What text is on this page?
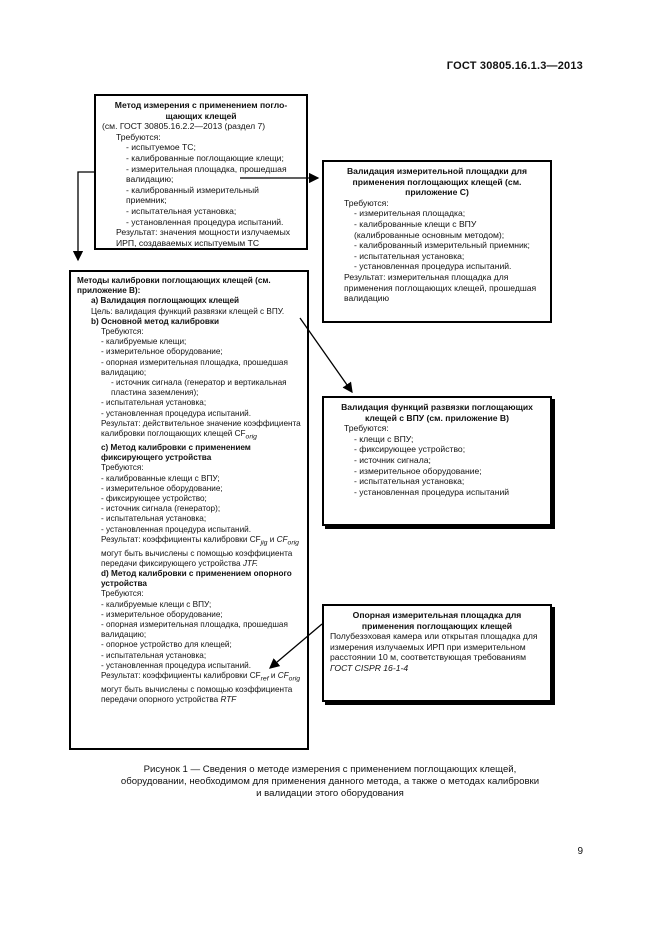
ГОСТ 30805.16.1.3—2013
Метод измерения с применением погло-щающих клещей
(см. ГОСТ 30805.16.2.2—2013 (раздел 7)
Требуются:
- испытуемое ТС;
- калиброванные поглощающие клещи;
- измерительная площадка, прошедшая валидацию;
- калиброванный измерительный приемник;
- испытательная установка;
- установленная процедура испытаний.
Результат: значения мощности излучаемых ИРП, создаваемых испытуемым ТС
Валидация измерительной площадки для применения поглощающих клещей (см. приложение С)
Требуются:
- измерительная площадка;
- калиброванные клещи с ВПУ (калиброванные основным методом);
- калиброванный измерительный приемник;
- испытательная установка;
- установленная процедура испытаний.
Результат: измерительная площадка для применения поглощающих клещей, прошедшая валидацию
Методы калибровки поглощающих клещей (см. приложение В):
а) Валидация поглощающих клещей
Цель: валидация функций развязки клещей с ВПУ.
b) Основной метод калибровки
Требуются:
- калибруемые клещи;
- измерительное оборудование;
- опорная измерительная площадка, прошедшая валидацию;
- источник сигнала (генератор и вертикальная пластина заземления);
- испытательная установка;
- установленная процедура испытаний.
Результат: действительное значение коэффициента калибровки поглощающих клещей $CF_{orig}$
с) Метод калибровки с применением фиксирующего устройства
Требуются:
- калиброванные клещи с ВПУ;
- измерительное оборудование;
- фиксирующее устройство;
- источник сигнала (генератор);
- испытательная установка;
- установленная процедура испытаний.
Результат: коэффициенты калибровки $CF_{jig}$ и $CF_{orig}$ могут быть вычислены с помощью коэффициента передачи фиксирующего устройства JTF.
d) Метод калибровки с применением опорного устройства
Требуются:
- калибруемые клещи с ВПУ;
- измерительное оборудование;
- опорная измерительная площадка, прошедшая валидацию;
- опорное устройство для клещей;
- испытательная установка;
- установленная процедура испытаний.
Результат: коэффициенты калибровки $CF_{ref}$ и $CF_{orig}$ могут быть вычислены с помощью коэффициента передачи опорного устройства RTF
Валидация функций развязки поглощающих клещей с ВПУ (см. приложение В)
Требуются:
- клещи с ВПУ;
- фиксирующее устройство;
- источник сигнала;
- измерительное оборудование;
- испытательная установка;
- установленная процедура испытаний
Опорная измерительная площадка для применения поглощающих клещей
Полубезэховая камера или открытая площадка для измерения излучаемых ИРП при измерительном расстоянии 10 м, соответствующая требованиям ГОСТ CISPR 16-1-4
Рисунок 1 — Сведения о методе измерения с применением поглощающих клещей,
оборудовании, необходимом для применения данного метода, а также о методах калибровки
и валидации этого оборудования
9
